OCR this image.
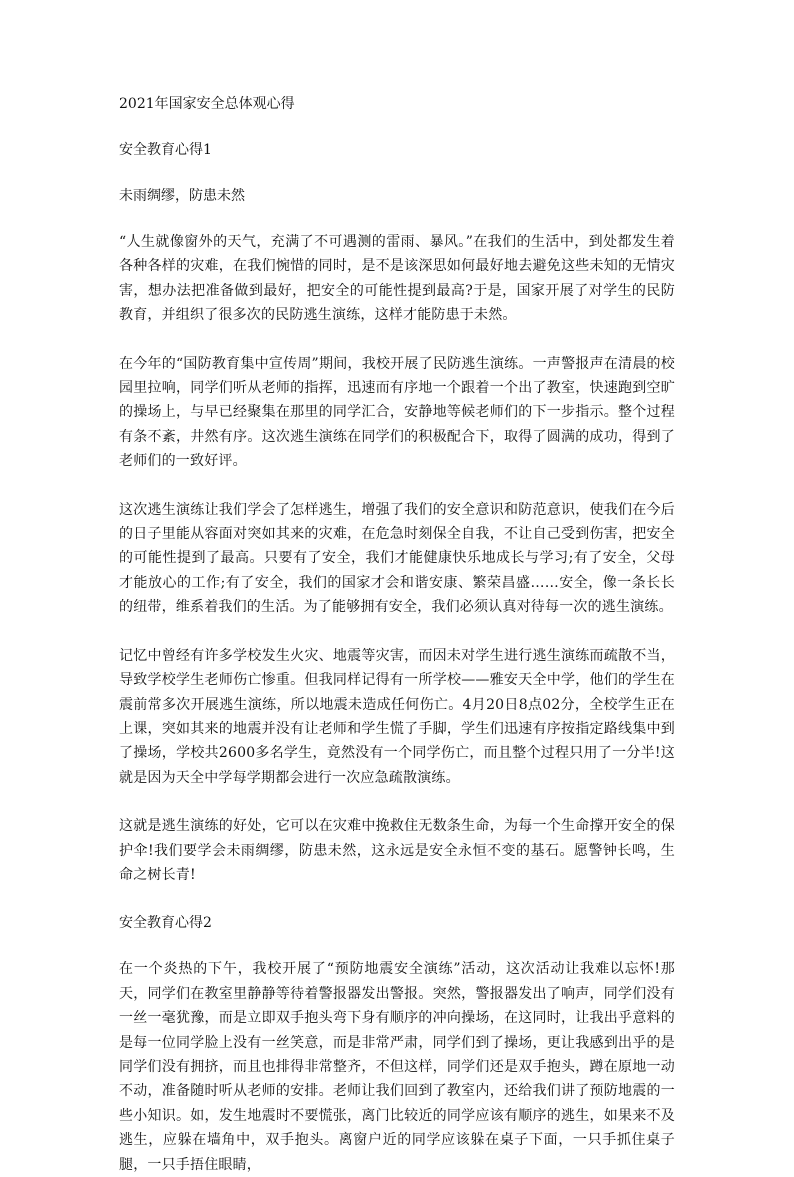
2021年国家安全总体观心得

安全教育心得1

未雨绸缪，防患未然

“人生就像窗外的天气，充满了不可遇测的雷雨、暴风。”在我们的生活中，到处都发生着各种各样的灾难，在我们惋惜的同时，是不是该深思如何最好地去避免这些未知的无情灾害，想办法把准备做到最好，把安全的可能性提到最高?于是，国家开展了对学生的民防教育，并组织了很多次的民防逃生演练，这样才能防患于未然。

在今年的“国防教育集中宣传周”期间，我校开展了民防逃生演练。一声警报声在清晨的校园里拉响，同学们听从老师的指挥，迅速而有序地一个跟着一个出了教室，快速跑到空旷的操场上，与早已经聚集在那里的同学汇合，安静地等候老师们的下一步指示。整个过程有条不紊，井然有序。这次逃生演练在同学们的积极配合下，取得了圆满的成功，得到了老师们的一致好评。

这次逃生演练让我们学会了怎样逃生，增强了我们的安全意识和防范意识，使我们在今后的日子里能从容面对突如其来的灾难，在危急时刻保全自我，不让自己受到伤害，把安全的可能性提到了最高。只要有了安全，我们才能健康快乐地成长与学习;有了安全，父母才能放心的工作;有了安全，我们的国家才会和谐安康、繁荣昌盛……安全，像一条长长的纽带，维系着我们的生活。为了能够拥有安全，我们必须认真对待每一次的逃生演练。

记忆中曾经有许多学校发生火灾、地震等灾害，而因未对学生进行逃生演练而疏散不当，导致学校学生老师伤亡惨重。但我同样记得有一所学校——雅安天全中学，他们的学生在震前常多次开展逃生演练，所以地震未造成任何伤亡。4月20日8点02分，全校学生正在上课，突如其来的地震并没有让老师和学生慌了手脚，学生们迅速有序按指定路线集中到了操场，学校共2600多名学生，竟然没有一个同学伤亡，而且整个过程只用了一分半!这就是因为天全中学每学期都会进行一次应急疏散演练。

这就是逃生演练的好处，它可以在灾难中挽救住无数条生命，为每一个生命撑开安全的保护伞!我们要学会未雨绸缪，防患未然，这永远是安全永恒不变的基石。愿警钟长鸣，生命之树长青!

安全教育心得2

在一个炎热的下午，我校开展了“预防地震安全演练”活动，这次活动让我难以忘怀!那天，同学们在教室里静静等待着警报器发出警报。突然，警报器发出了响声，同学们没有一丝一毫犹豫，而是立即双手抱头弯下身有顺序的冲向操场，在这同时，让我出乎意料的是每一位同学脸上没有一丝笑意，而是非常严肃，同学们到了操场，更让我感到出乎的是同学们没有拥挤，而且也排得非常整齐，不但这样，同学们还是双手抱头，蹲在原地一动不动，准备随时听从老师的安排。老师让我们回到了教室内，还给我们讲了预防地震的一些小知识。如，发生地震时不要慌张，离门比较近的同学应该有顺序的逃生，如果来不及逃生，应躲在墙角中，双手抱头。离窗户近的同学应该躲在桌子下面，一只手抓住桌子腿，一只手捂住眼睛，
